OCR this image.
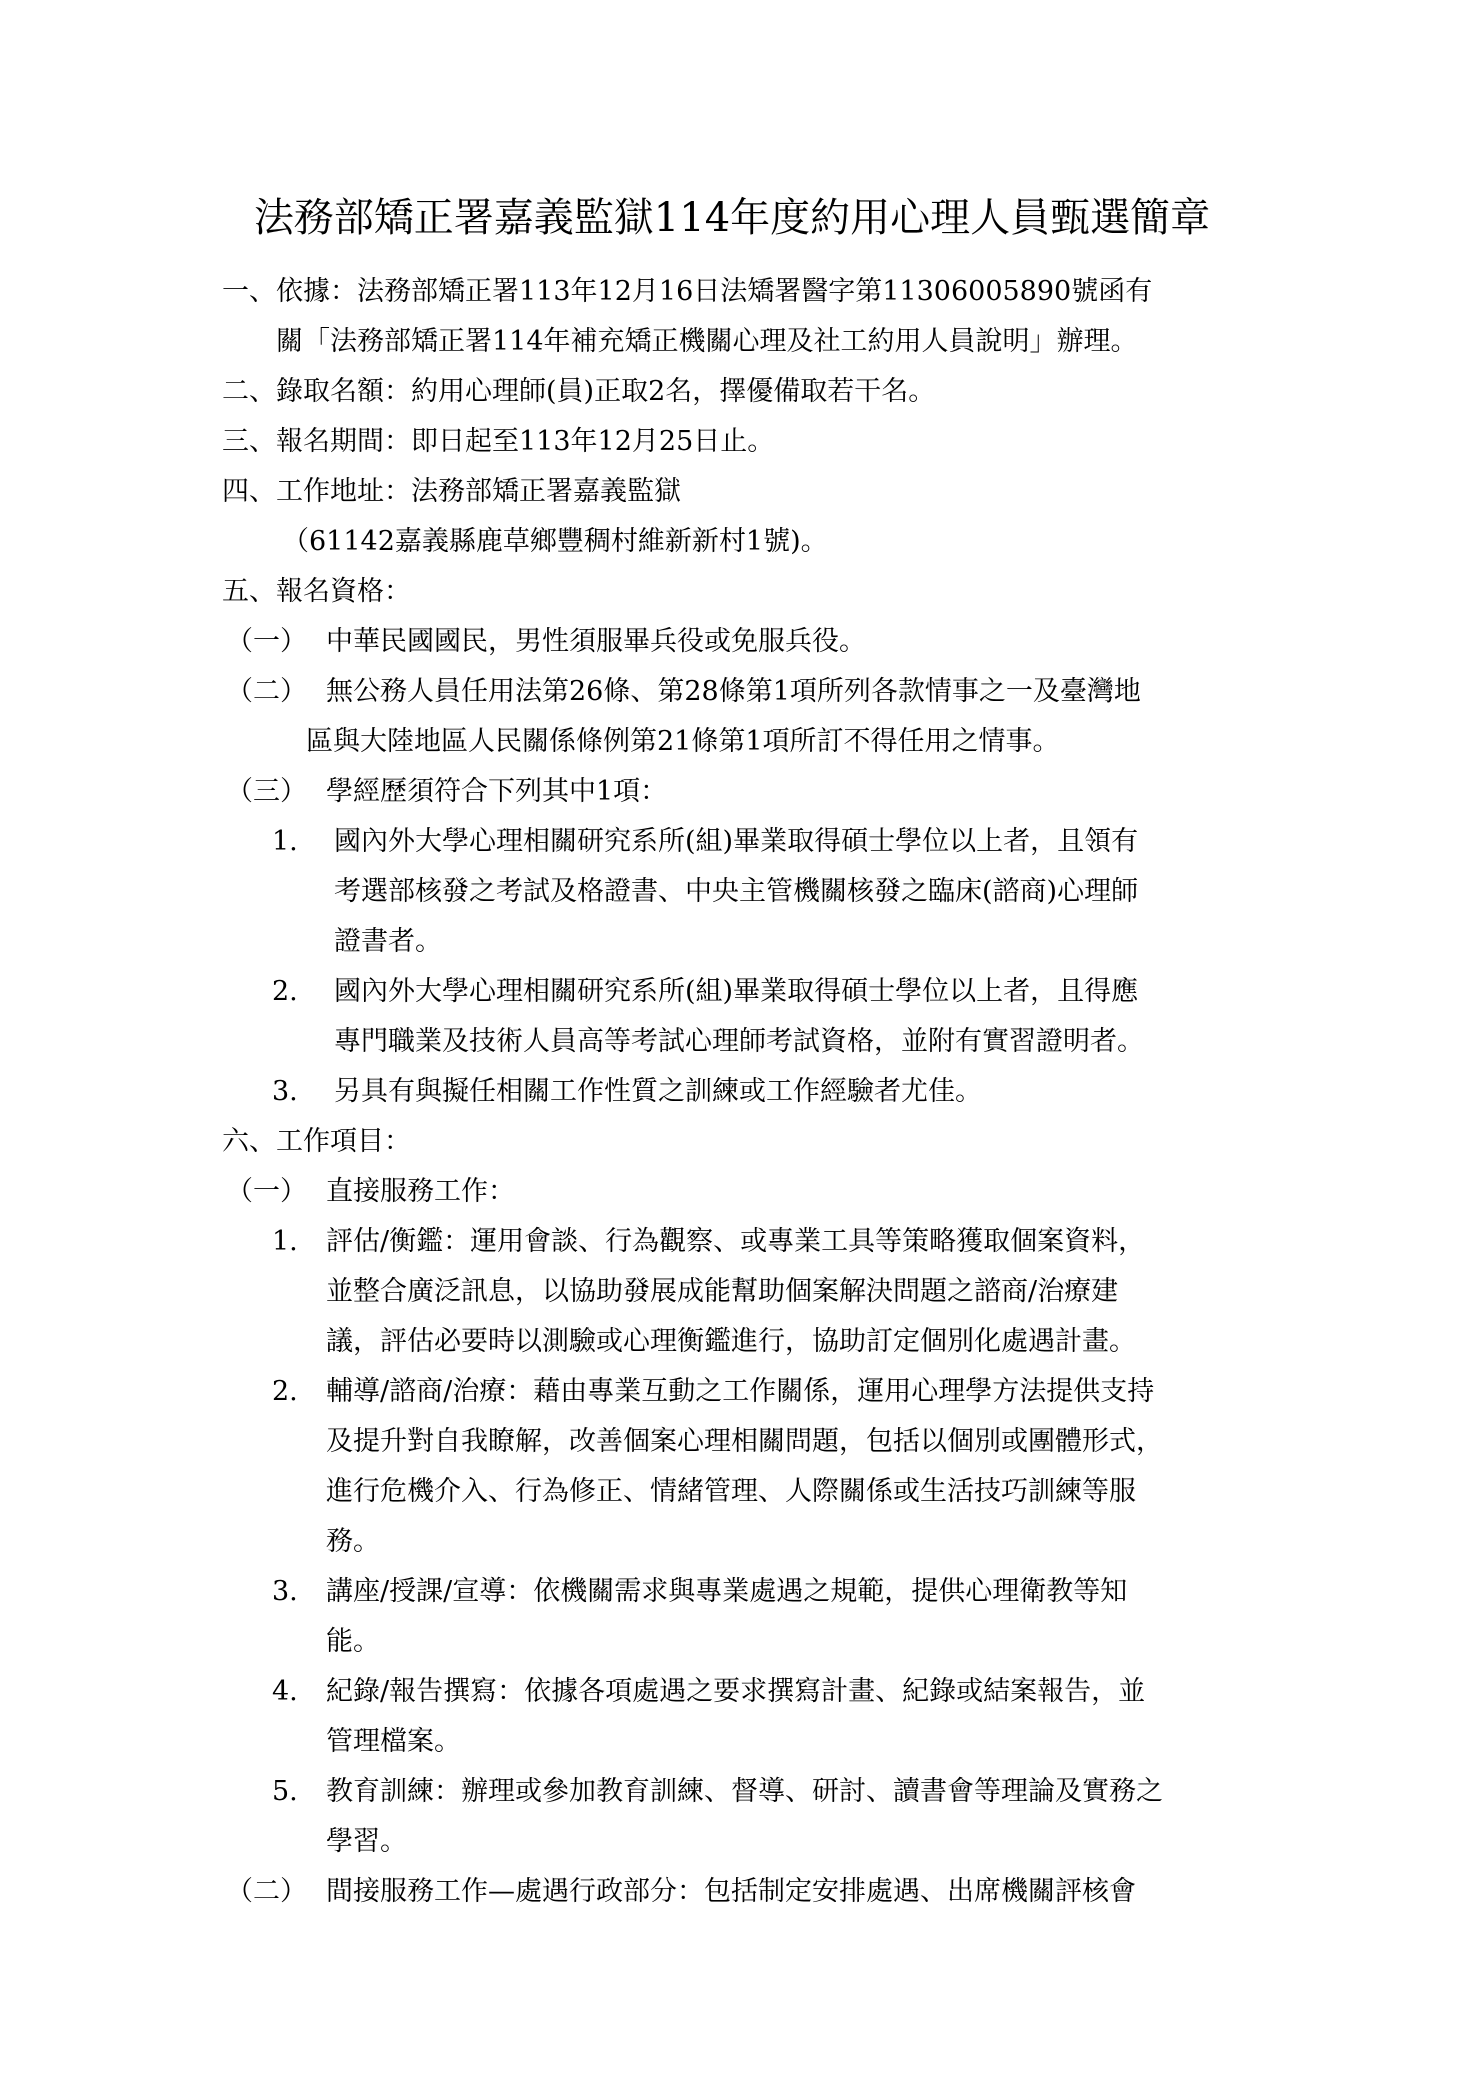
法務部矯正署嘉義監獄114年度約用心理人員甄選簡章
一、依據：法務部矯正署113年12月16日法矯署醫字第11306005890號函有
關「法務部矯正署114年補充矯正機關心理及社工約用人員說明」辦理。
二、錄取名額：約用心理師(員)正取2名，擇優備取若干名。
三、報名期間：即日起至113年12月25日止。
四、工作地址：法務部矯正署嘉義監獄
（61142嘉義縣鹿草鄉豐稠村維新新村1號)。
五、報名資格：
（一） 中華民國國民，男性須服畢兵役或免服兵役。
（二） 無公務人員任用法第26條、第28條第1項所列各款情事之一及臺灣地
區與大陸地區人民關係條例第21條第1項所訂不得任用之情事。
（三） 學經歷須符合下列其中1項：
1. 國內外大學心理相關研究系所(組)畢業取得碩士學位以上者，且領有
考選部核發之考試及格證書、中央主管機關核發之臨床(諮商)心理師
證書者。
2. 國內外大學心理相關研究系所(組)畢業取得碩士學位以上者，且得應
專門職業及技術人員高等考試心理師考試資格，並附有實習證明者。
3. 另具有與擬任相關工作性質之訓練或工作經驗者尤佳。
六、工作項目：
（一） 直接服務工作：
1. 評估/衡鑑：運用會談、行為觀察、或專業工具等策略獲取個案資料，
並整合廣泛訊息，以協助發展成能幫助個案解決問題之諮商/治療建
議，評估必要時以測驗或心理衡鑑進行，協助訂定個別化處遇計畫。
2. 輔導/諮商/治療：藉由專業互動之工作關係，運用心理學方法提供支持
及提升對自我瞭解，改善個案心理相關問題，包括以個別或團體形式，
進行危機介入、行為修正、情緒管理、人際關係或生活技巧訓練等服
務。
3. 講座/授課/宣導：依機關需求與專業處遇之規範，提供心理衛教等知
能。
4. 紀錄/報告撰寫：依據各項處遇之要求撰寫計畫、紀錄或結案報告，並
管理檔案。
5. 教育訓練：辦理或參加教育訓練、督導、研討、讀書會等理論及實務之
學習。
（二） 間接服務工作—處遇行政部分：包括制定安排處遇、出席機關評核會
